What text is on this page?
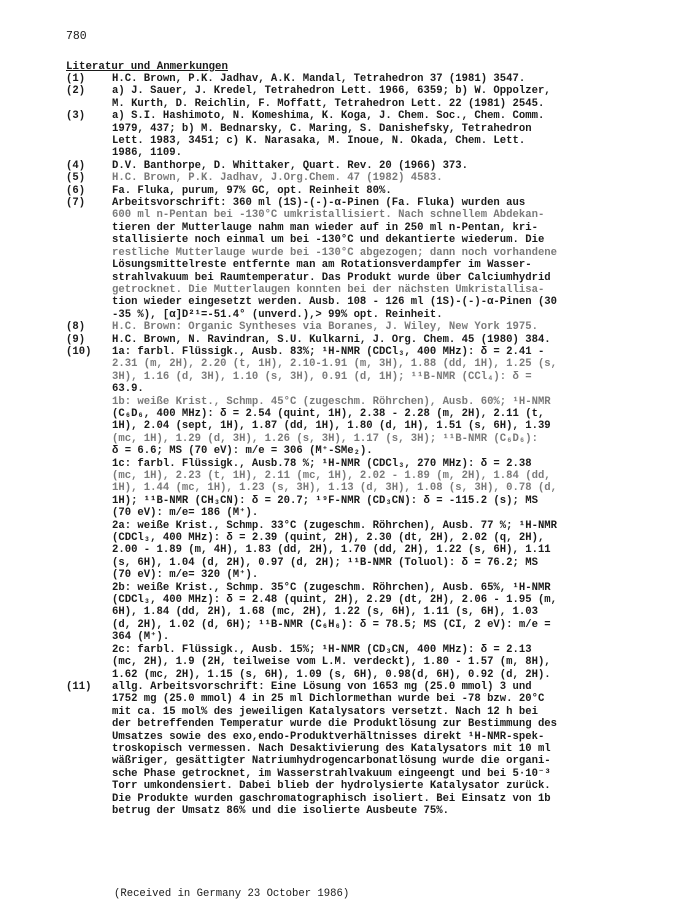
780
Literatur und Anmerkungen
(1)	H.C. Brown, P.K. Jadhav, A.K. Mandal, Tetrahedron 37 (1981) 3547.

(2)	a) J. Sauer, J. Kredel, Tetrahedron Lett. 1966, 6359; b) W. Oppolzer,

M. Kurth, D. Reichlin, F. Moffatt, Tetrahedron Lett. 22 (1981) 2545.

(3)	a) S.I. Hashimoto, N. Komeshima, K. Koga, J. Chem. Soc., Chem. Comm.

1979, 437; b) M. Bednarsky, C. Maring, S. Danishefsky, Tetrahedron

Lett. 1983, 3451; c) K. Narasaka, M. Inoue, N. Okada, Chem. Lett.

1986, 1109.

(4)	D.V. Banthorpe, D. Whittaker, Quart. Rev. 20 (1966) 373.

(5)	H.C. Brown, P.K. Jadhav, J.Org.Chem. 47 (1982) 4583.

(6)	Fa. Fluka, purum, 97% GC, opt. Reinheit 80%.

(7)	Arbeitsvorschrift: 360 ml (1S)-(-)-α-Pinen (Fa. Fluka) wurden aus

600 ml n-Pentan bei -130°C umkristallisiert. Nach schnellem Abdekan-

tieren der Mutterlauge nahm man wieder auf in 250 ml n-Pentan, kri-

stallisierte noch einmal um bei -130°C und dekantierte wiederum. Die

restliche Mutterlauge wurde bei -130°C abgezogen; dann noch vorhandene

Lösungsmittelreste entfernte man am Rotationsverdampfer im Wasser-

strahlvakuum bei Raumtemperatur. Das Produkt wurde über Calciumhydrid

getrocknet. Die Mutterlaugen konnten bei der nächsten Umkristallisa-

tion wieder eingesetzt werden. Ausb. 108 - 126 ml (1S)-(-)-α-Pinen (30

-35 %), [α]D²¹=-51.4° (unverd.),> 99% opt. Reinheit.

(8)	H.C. Brown: Organic Syntheses via Boranes, J. Wiley, New York 1975.

(9)	H.C. Brown, N. Ravindran, S.U. Kulkarni, J. Org. Chem. 45 (1980) 384.

(10)	1a: farbl. Flüssigk., Ausb. 83%; ¹H-NMR (CDCl₃, 400 MHz): δ = 2.41 -

2.31 (m, 2H), 2.20 (t, 1H), 2.10-1.91 (m, 3H), 1.88 (dd, 1H), 1.25 (s,

3H), 1.16 (d, 3H), 1.10 (s, 3H), 0.91 (d, 1H); ¹¹B-NMR (CCl₄): δ =

63.9.

1b: weiße Krist., Schmp. 45°C (zugeschm. Röhrchen), Ausb. 60%; ¹H-NMR

(C₆D₆, 400 MHz): δ = 2.54 (quint, 1H), 2.38 - 2.28 (m, 2H), 2.11 (t,

1H), 2.04 (sept, 1H), 1.87 (dd, 1H), 1.80 (d, 1H), 1.51 (s, 6H), 1.39

(mc, 1H), 1.29 (d, 3H), 1.26 (s, 3H), 1.17 (s, 3H); ¹¹B-NMR (C₆D₆):

δ = 6.6; MS (70 eV): m/e = 306 (M⁺-SMe₂).

1c: farbl. Flüssigk., Ausb.78 %; ¹H-NMR (CDCl₃, 270 MHz): δ = 2.38

(mc, 1H), 2.23 (t, 1H), 2.11 (mc, 1H), 2.02 - 1.89 (m, 2H), 1.84 (dd,

1H), 1.44 (mc, 1H), 1.23 (s, 3H), 1.13 (d, 3H), 1.08 (s, 3H), 0.78 (d,

1H); ¹¹B-NMR (CH₃CN): δ = 20.7; ¹⁹F-NMR (CD₃CN): δ = -115.2 (s); MS

(70 eV): m/e= 186 (M⁺).

2a: weiße Krist., Schmp. 33°C (zugeschm. Röhrchen), Ausb. 77 %; ¹H-NMR

(CDCl₃, 400 MHz): δ = 2.39 (quint, 2H), 2.30 (dt, 2H), 2.02 (q, 2H),

2.00 - 1.89 (m, 4H), 1.83 (dd, 2H), 1.70 (dd, 2H), 1.22 (s, 6H), 1.11

(s, 6H), 1.04 (d, 2H), 0.97 (d, 2H); ¹¹B-NMR (Toluol): δ = 76.2; MS

(70 eV): m/e= 320 (M⁺).

2b: weiße Krist., Schmp. 35°C (zugeschm. Röhrchen), Ausb. 65%, ¹H-NMR

(CDCl₃, 400 MHz): δ = 2.48 (quint, 2H), 2.29 (dt, 2H), 2.06 - 1.95 (m,

6H), 1.84 (dd, 2H), 1.68 (mc, 2H), 1.22 (s, 6H), 1.11 (s, 6H), 1.03

(d, 2H), 1.02 (d, 6H); ¹¹B-NMR (C₆H₆): δ = 78.5; MS (CI, 2 eV): m/e =

364 (M⁺).

2c: farbl. Flüssigk., Ausb. 15%; ¹H-NMR (CD₃CN, 400 MHz): δ = 2.13

(mc, 2H), 1.9 (2H, teilweise vom L.M. verdeckt), 1.80 - 1.57 (m, 8H),

1.62 (mc, 2H), 1.15 (s, 6H), 1.09 (s, 6H), 0.98(d, 6H), 0.92 (d, 2H).

(11)	allg. Arbeitsvorschrift: Eine Lösung von 1653 mg (25.0 mmol) 3 und

1752 mg (25.0 mmol) 4 in 25 ml Dichlormethan wurde bei -78 bzw. 20°C

mit ca. 15 mol% des jeweiligen Katalysators versetzt. Nach 12 h bei

der betreffenden Temperatur wurde die Produktlösung zur Bestimmung des

Umsatzes sowie des exo,endo-Produktverhältnisses direkt ¹H-NMR-spek-

troskopisch vermessen. Nach Desaktivierung des Katalysators mit 10 ml

wäßriger, gesättigter Natriumhydrogencarbonatlösung wurde die organi-

sche Phase getrocknet, im Wasserstrahlvakuum eingeengt und bei 5·10⁻³

Torr umkondensiert. Dabei blieb der hydrolysierte Katalysator zurück.

Die Produkte wurden gaschromatographisch isoliert. Bei Einsatz von 1b

betrug der Umsatz 86% und die isolierte Ausbeute 75%.

(Received in Germany 23 October 1986)
